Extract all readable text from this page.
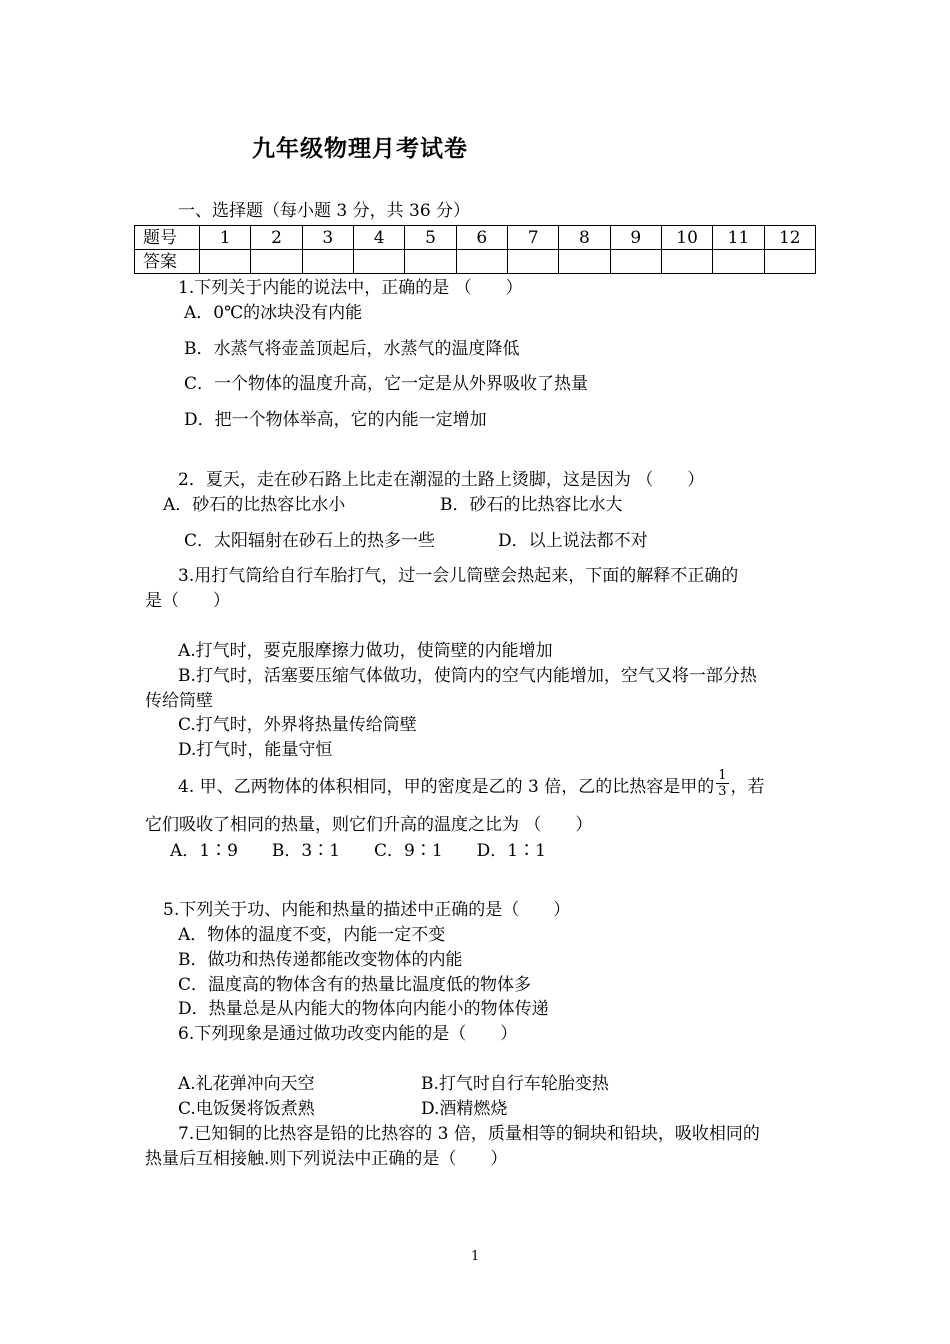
九年级物理月考试卷
一、选择题（每小题 3 分，共 36 分）
题号	1	2	3	4	5	6	7	8	9	10	11	12
答案												
1.下列关于内能的说法中，正确的是 （　　）
A．0℃的冰块没有内能
B．水蒸气将壶盖顶起后，水蒸气的温度降低
C．一个物体的温度升高，它一定是从外界吸收了热量
D．把一个物体举高，它的内能一定增加
2．夏天，走在砂石路上比走在潮湿的土路上烫脚，这是因为 （　　）
A．砂石的比热容比水小	B．砂石的比热容比水大
C．太阳辐射在砂石上的热多一些	D．以上说法都不对
3.用打气筒给自行车胎打气，过一会儿筒壁会热起来，下面的解释不正确的
是（　　）
A.打气时，要克服摩擦力做功，使筒壁的内能增加
B.打气时，活塞要压缩气体做功，使筒内的空气内能增加，空气又将一部分热
传给筒壁
C.打气时，外界将热量传给筒壁
D.打气时，能量守恒
4. 甲、乙两物体的体积相同，甲的密度是乙的 3 倍，乙的比热容是甲的 $\frac{1}{3}$ ，若
它们吸收了相同的热量，则它们升高的温度之比为 （　　）
A．1∶9　　B．3∶1　　C．9∶1　　D．1∶1
5.下列关于功、内能和热量的描述中正确的是（　　）
A．物体的温度不变，内能一定不变
B．做功和热传递都能改变物体的内能
C．温度高的物体含有的热量比温度低的物体多
D．热量总是从内能大的物体向内能小的物体传递
6.下列现象是通过做功改变内能的是（　　）
A.礼花弹冲向天空	B.打气时自行车轮胎变热
C.电饭煲将饭煮熟	D.酒精燃烧
7.已知铜的比热容是铅的比热容的 3 倍，质量相等的铜块和铅块，吸收相同的
热量后互相接触.则下列说法中正确的是（　　）
1
